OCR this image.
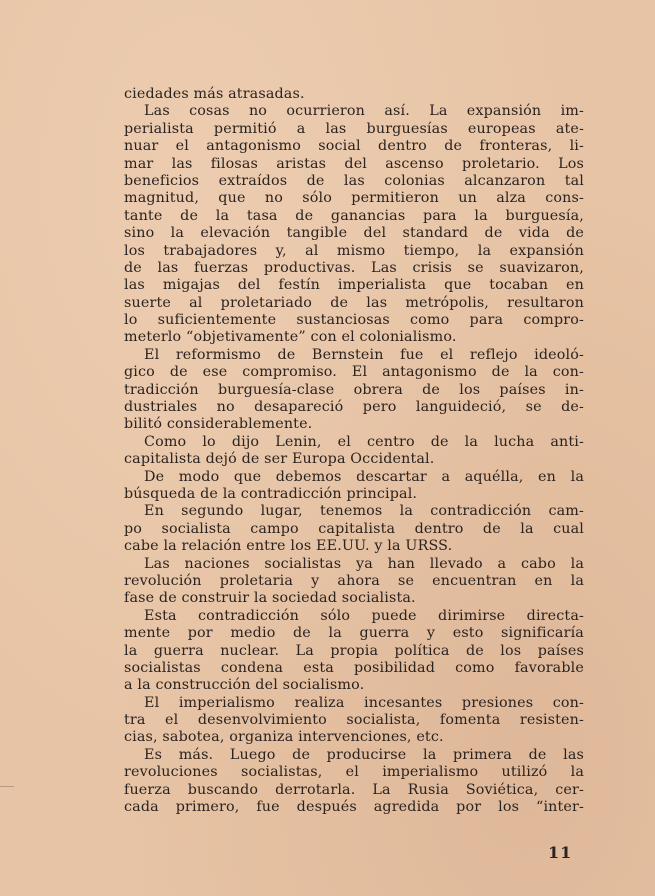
ciedades más atrasadas.
Las cosas no ocurrieron así. La expansión im-
perialista permitió a las burguesías europeas ate-
nuar el antagonismo social dentro de fronteras, li-
mar las filosas aristas del ascenso proletario. Los
beneficios extraídos de las colonias alcanzaron tal
magnitud, que no sólo permitieron un alza cons-
tante de la tasa de ganancias para la burguesía,
sino la elevación tangible del standard de vida de
los trabajadores y, al mismo tiempo, la expansión
de las fuerzas productivas. Las crisis se suavizaron,
las migajas del festín imperialista que tocaban en
suerte al proletariado de las metrópolis, resultaron
lo suficientemente sustanciosas como para compro-
meterlo “objetivamente” con el colonialismo.
El reformismo de Bernstein fue el reflejo ideoló-
gico de ese compromiso. El antagonismo de la con-
tradicción burguesía-clase obrera de los países in-
dustriales no desapareció pero languideció, se de-
bilitó considerablemente.
Como lo dijo Lenin, el centro de la lucha anti-
capitalista dejó de ser Europa Occidental.
De modo que debemos descartar a aquélla, en la
búsqueda de la contradicción principal.
En segundo lugar, tenemos la contradicción cam-
po socialista campo capitalista dentro de la cual
cabe la relación entre los EE.UU. y la URSS.
Las naciones socialistas ya han llevado a cabo la
revolución proletaria y ahora se encuentran en la
fase de construir la sociedad socialista.
Esta contradicción sólo puede dirimirse directa-
mente por medio de la guerra y esto significaría
la guerra nuclear. La propia política de los países
socialistas condena esta posibilidad como favorable
a la construcción del socialismo.
El imperialismo realiza incesantes presiones con-
tra el desenvolvimiento socialista, fomenta resisten-
cias, sabotea, organiza intervenciones, etc.
Es más. Luego de producirse la primera de las
revoluciones socialistas, el imperialismo utilizó la
fuerza buscando derrotarla. La Rusia Soviética, cer-
cada primero, fue después agredida por los “inter-
11
